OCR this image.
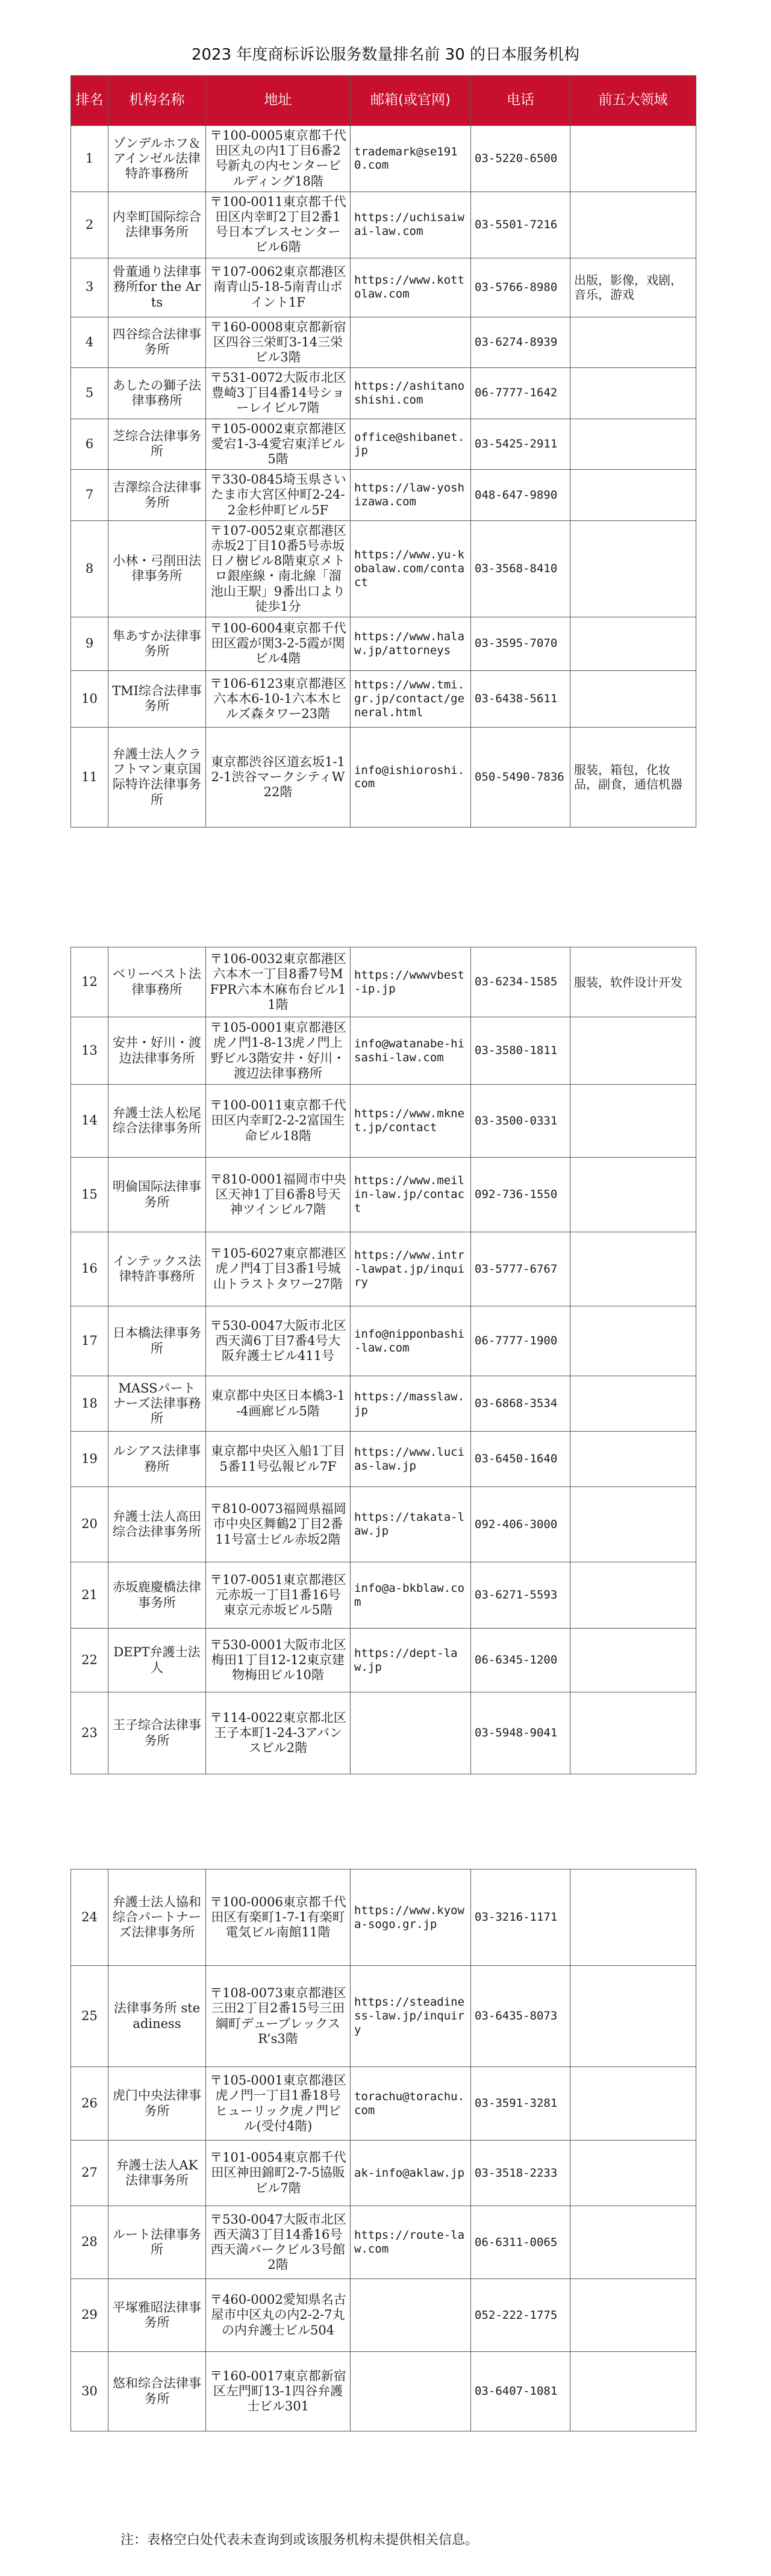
2023 年度商标诉讼服务数量排名前 30 的日本服务机构
排名	机构名称	地址	邮箱(或官网)	电话	前五大领域
1	ゾンデルホフ＆アインゼル法律特許事務所	〒100-0005東京都千代田区丸の内1丁目6番2号新丸の内センタービルディング18階	trademark@se1910.com	03-5220-6500	
2	内幸町国际综合法律事务所	〒100-0011東京都千代田区内幸町2丁目2番1号日本プレスセンタービル6階	https://uchisaiwai-law.com	03-5501-7216	
3	骨董通り法律事務所for the Arts	〒107-0062東京都港区南青山5-18-5南青山ポイント1F	https://www.kottolaw.com	03-5766-8980	出版，影像，戏剧，音乐，游戏
4	四谷综合法律事务所	〒160-0008東京都新宿区四谷三栄町3-14三栄ビル3階		03-6274-8939	
5	あしたの獅子法律事務所	〒531-0072大阪市北区豊崎3丁目4番14号ショーレイビル7階	https://ashitanoshishi.com	06-7777-1642	
6	芝综合法律事务所	〒105-0002東京都港区愛宕1-3-4愛宕東洋ビル5階	office@shibanet.jp	03-5425-2911	
7	吉澤综合法律事务所	〒330-0845埼玉県さいたま市大宮区仲町2-24-2金杉仲町ビル5F	https://law-yoshizawa.com	048-647-9890	
8	小林・弓削田法律事务所	〒107-0052東京都港区赤坂2丁目10番5号赤坂日ノ樹ビル8階東京メトロ銀座線・南北線「溜池山王駅」9番出口より徒歩1分	https://www.yu-kobalaw.com/contact	03-3568-8410	
9	隼あすか法律事务所	〒100-6004東京都千代田区霞が関3-2-5霞が関ビル4階	https://www.halaw.jp/attorneys	03-3595-7070	
10	TMI综合法律事务所	〒106-6123東京都港区六本木6-10-1六本木ヒルズ森タワー23階	https://www.tmi.gr.jp/contact/general.html	03-6438-5611	
11	弁護士法人クラフトマン東京国际特许法律事务所	東京都渋谷区道玄坂1-12-1渋谷マークシティW22階	info@ishioroshi.com	050-5490-7836	服装，箱包，化妆品，副食，通信机器
12	ベリーベスト法律事務所	〒106-0032東京都港区六本木一丁目8番7号MFPR六本木麻布台ビル11階	https://wwwvbest-ip.jp	03-6234-1585	服装，软件设计开发
13	安井・好川・渡边法律事务所	〒105-0001東京都港区虎ノ門1-8-13虎ノ門上野ビル3階安井・好川・渡辺法律事務所	info@watanabe-hisashi-law.com	03-3580-1811	
14	弁護士法人松尾综合法律事务所	〒100-0011東京都千代田区内幸町2-2-2富国生命ビル18階	https://www.mknet.jp/contact	03-3500-0331	
15	明倫国际法律事务所	〒810-0001福岡市中央区天神1丁目6番8号天神ツインビル7階	https://www.meilin-law.jp/contact	092-736-1550	
16	インテックス法律特許事務所	〒105-6027東京都港区虎ノ門4丁目3番1号城山トラストタワー27階	https://www.intr-lawpat.jp/inquiry	03-5777-6767	
17	日本橋法律事务所	〒530-0047大阪市北区西天満6丁目7番4号大阪弁護士ビル411号	info@nipponbashi-law.com	06-7777-1900	
18	MASSパートナーズ法律事務所	東京都中央区日本橋3-1-4画廊ビル5階	https://masslaw.jp	03-6868-3534	
19	ルシアス法律事務所	東京都中央区入船1丁目5番11号弘報ビル7F	https://www.lucias-law.jp	03-6450-1640	
20	弁護士法人高田综合法律事务所	〒810-0073福岡県福岡市中央区舞鶴2丁目2番11号富士ビル赤坂2階	https://takata-law.jp	092-406-3000	
21	赤坂鹿慶橋法律事务所	〒107-0051東京都港区元赤坂一丁目1番16号東京元赤坂ビル5階	info@a-bkblaw.com	03-6271-5593	
22	DEPT弁護士法人	〒530-0001大阪市北区梅田1丁目12-12東京建物梅田ビル10階	https://dept-law.jp	06-6345-1200	
23	王子综合法律事务所	〒114-0022東京都北区王子本町1-24-3アバンスビル2階		03-5948-9041	
24	弁護士法人協和综合パートナーズ法律事务所	〒100-0006東京都千代田区有楽町1-7-1有楽町電気ビル南館11階	https://www.kyowa-sogo.gr.jp	03-3216-1171	
25	法律事务所 steadiness	〒108-0073東京都港区三田2丁目2番15号三田綱町デュープレックスR’s3階	https://steadiness-law.jp/inquiry	03-6435-8073	
26	虎门中央法律事务所	〒105-0001東京都港区虎ノ門一丁目1番18号ヒューリック虎ノ門ビル(受付4階)	torachu@torachu.com	03-3591-3281	
27	弁護士法人AK法律事务所	〒101-0054東京都千代田区神田錦町2-7-5協販ビル7階	ak-info@aklaw.jp	03-3518-2233	
28	ルート法律事务所	〒530-0047大阪市北区西天満3丁目14番16号西天満パークビル3号館2階	https://route-law.com	06-6311-0065	
29	平塚雅昭法律事务所	〒460-0002愛知県名古屋市中区丸の内2-2-7丸の内弁護士ビル504		052-222-1775	
30	悠和综合法律事务所	〒160-0017東京都新宿区左門町13-1四谷弁護士ビル301		03-6407-1081	
注：表格空白处代表未查询到或该服务机构未提供相关信息。
